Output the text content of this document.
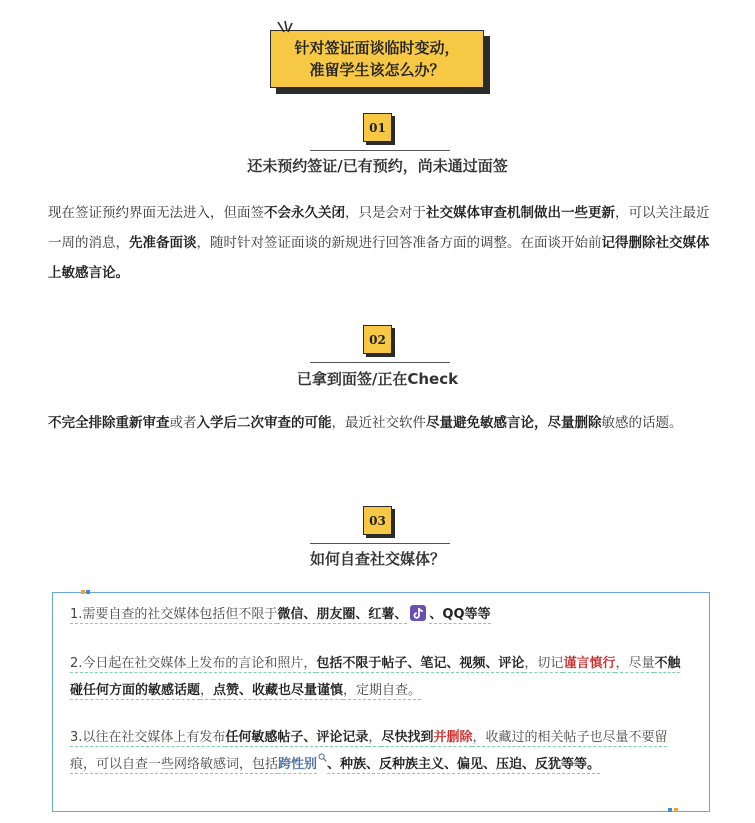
针对签证面谈临时变动，
准留学生该怎么办？
01
还未预约签证/已有预约，尚未通过面签
现在签证预约界面无法进入，但面签不会永久关闭，只是会对于社交媒体审查机制做出一些更新，可以关注最近一周的消息，先准备面谈，随时针对签证面谈的新规进行回答准备方面的调整。在面谈开始前记得删除社交媒体上敏感言论。
02
已拿到面签/正在Check
不完全排除重新审查或者入学后二次审查的可能，最近社交软件尽量避免敏感言论，尽量删除敏感的话题。
03
如何自查社交媒体？
1.需要自查的社交媒体包括但不限于微信、朋友圈、红薯、 、QQ等等
2.今日起在社交媒体上发布的言论和照片，包括不限于帖子、笔记、视频、评论，切记谨言慎行，尽量不触碰任何方面的敏感话题，点赞、收藏也尽量谨慎，定期自查。
3.以往在社交媒体上有发布任何敏感帖子、评论记录，尽快找到并删除，收藏过的相关帖子也尽量不要留痕，可以自查一些网络敏感词，包括跨性别 、种族、反种族主义、偏见、压迫、反犹等等。
